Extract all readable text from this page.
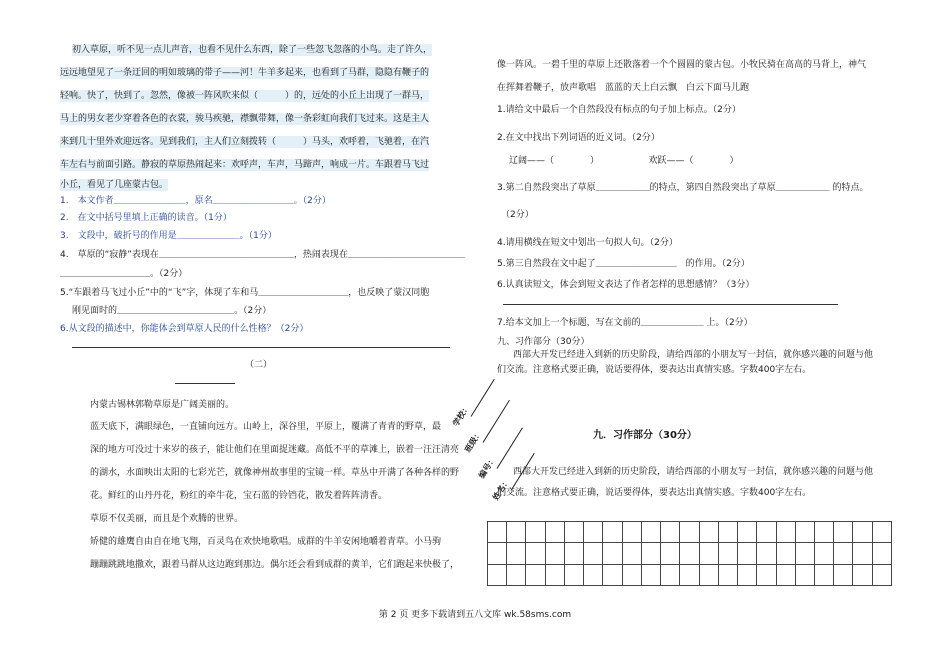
初入草原，听不见一点儿声音，也看不见什么东西，除了一些忽飞忽落的小鸟。走了许久，
远远地望见了一条迂回的明如玻璃的带子——河！牛羊多起来，也看到了马群，隐隐有鞭子的
轻响。快了，快到了。忽然，像被一阵风吹来似（　　　）的，远处的小丘上出现了一群马，
马上的男女老少穿着各色的衣裳，骏马疾驰，襟飘带舞，像一条彩虹向我们飞过来。这是主人
来到几十里外欢迎远客。见到我们，主人们立刻拨转（　　　）马头，欢呼着，飞驰着，在汽
车左右与前面引路。静寂的草原热闹起来：欢呼声，车声，马蹄声，响成一片。车跟着马飞过
小丘，看见了几座蒙古包。
1.　本文作者＿＿＿＿＿＿＿＿，原名＿＿＿＿＿＿＿＿＿。（2分）
2.　在文中括号里填上正确的读音。（1分）
3.　文段中，破折号的作用是＿＿＿＿＿＿＿。（1分）
4.　草原的“寂静”表现在＿＿＿＿＿＿＿＿＿＿＿＿＿＿＿，热闹表现在＿＿＿＿＿＿＿＿＿＿＿＿＿
＿＿＿＿＿＿＿＿＿＿。（2分）
5.“车跟着马飞过小丘”中的“飞”字，体现了车和马＿＿＿＿＿＿＿＿＿＿，也反映了蒙汉同胞
刚见面时的＿＿＿＿＿＿＿＿＿＿＿＿＿。（2分）
6.从文段的描述中，你能体会到草原人民的什么性格？（2分）
（二）
内蒙古锡林郭勒草原是广阔美丽的。
蓝天底下，满眼绿色，一直铺向远方。山岭上，深谷里，平原上，覆满了青青的野草，最
深的地方可没过十来岁的孩子，能让他们在里面捉迷藏。高低不平的草滩上，嵌着一汪汪清亮
的湖水，水面映出太阳的七彩光芒，就像神州故事里的宝镜一样。草丛中开满了各种各样的野
花。鲜红的山丹丹花，粉红的牵牛花，宝石蓝的铃铛花，散发着阵阵清香。
草原不仅美丽，而且是个欢腾的世界。
矫健的雄鹰自由自在地飞翔，百灵鸟在欢快地歌唱。成群的牛羊安闲地嚼着青草。小马驹
蹦蹦跳跳地撒欢，跟着马群从这边跑到那边。偶尔还会看到成群的黄羊，它们跑起来快极了，
像一阵风。一碧千里的草原上还散落着一个个圆圆的蒙古包。小牧民骑在高高的马背上，神气
在挥舞着鞭子，放声歌唱　蓝蓝的天上白云飘　白云下面马儿跑
1.请给文中最后一个自然段没有标点的句子加上标点。（2分）
2.在文中找出下列词语的近义词。（2分）
辽阔——（　　　　）　　　　　　欢跃——（　　　　）
3.第二自然段突出了草原＿＿＿＿＿＿的特点，第四自然段突出了草原＿＿＿＿＿＿ 的特点。
（2分）
4.请用横线在短文中划出一句拟人句。（2分）
5.第三自然段在文中起了＿＿＿＿＿＿＿＿＿　的作用。（2分）
6.认真读短文，体会到短文表达了作者怎样的思想感情？（3分）
7.给本文加上一个标题，写在文前的＿＿＿＿＿＿＿ 上。（2分）
九、习作部分（30分）
西部大开发已经进入到新的历史阶段，请给西部的小朋友写一封信，就你感兴趣的问题与他
们交流。注意格式要正确，说话要得体，要表达出真情实感。字数400字左右。
九．习作部分（30分）
西部大开发已经进入到新的历史阶段，请给西部的小朋友写一封信，就你感兴趣的问题与他
们交流。注意格式要正确，说话要得体，要表达出真情实感。字数400字左右。
学校：
班级：
编号：
姓名：

第 2 页 更多下载请到五八文库 wk.58sms.com
